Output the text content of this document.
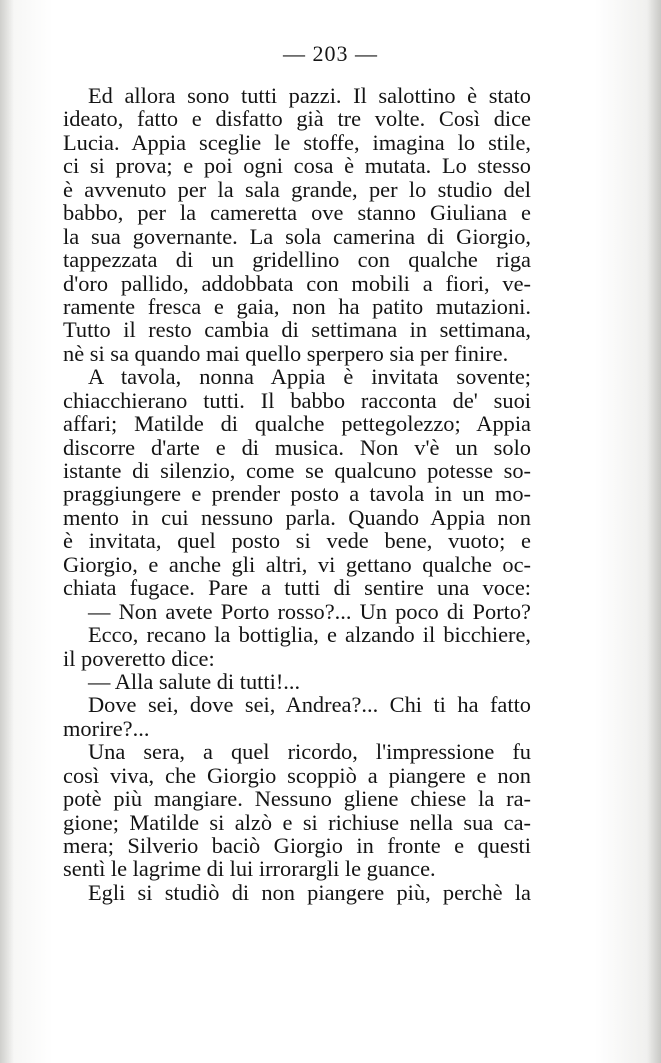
— 203 —
Ed allora sono tutti pazzi. Il salottino è stato
ideato, fatto e disfatto già tre volte. Così dice
Lucia. Appia sceglie le stoffe, imagina lo stile,
ci si prova; e poi ogni cosa è mutata. Lo stesso
è avvenuto per la sala grande, per lo studio del
babbo, per la cameretta ove stanno Giuliana e
la sua governante. La sola camerina di Giorgio,
tappezzata di un gridellino con qualche riga
d'oro pallido, addobbata con mobili a fiori, ve-
ramente fresca e gaia, non ha patito mutazioni.
Tutto il resto cambia di settimana in settimana,
nè si sa quando mai quello sperpero sia per finire.
A tavola, nonna Appia è invitata sovente;
chiacchierano tutti. Il babbo racconta de' suoi
affari; Matilde di qualche pettegolezzo; Appia
discorre d'arte e di musica. Non v'è un solo
istante di silenzio, come se qualcuno potesse so-
praggiungere e prender posto a tavola in un mo-
mento in cui nessuno parla. Quando Appia non
è invitata, quel posto si vede bene, vuoto; e
Giorgio, e anche gli altri, vi gettano qualche oc-
chiata fugace. Pare a tutti di sentire una voce:
— Non avete Porto rosso?... Un poco di Porto?
Ecco, recano la bottiglia, e alzando il bicchiere,
il poveretto dice:
— Alla salute di tutti!...
Dove sei, dove sei, Andrea?... Chi ti ha fatto
morire?...
Una sera, a quel ricordo, l'impressione fu
così viva, che Giorgio scoppiò a piangere e non
potè più mangiare. Nessuno gliene chiese la ra-
gione; Matilde si alzò e si richiuse nella sua ca-
mera; Silverio baciò Giorgio in fronte e questi
sentì le lagrime di lui irrorargli le guance.
Egli si studiò di non piangere più, perchè la
